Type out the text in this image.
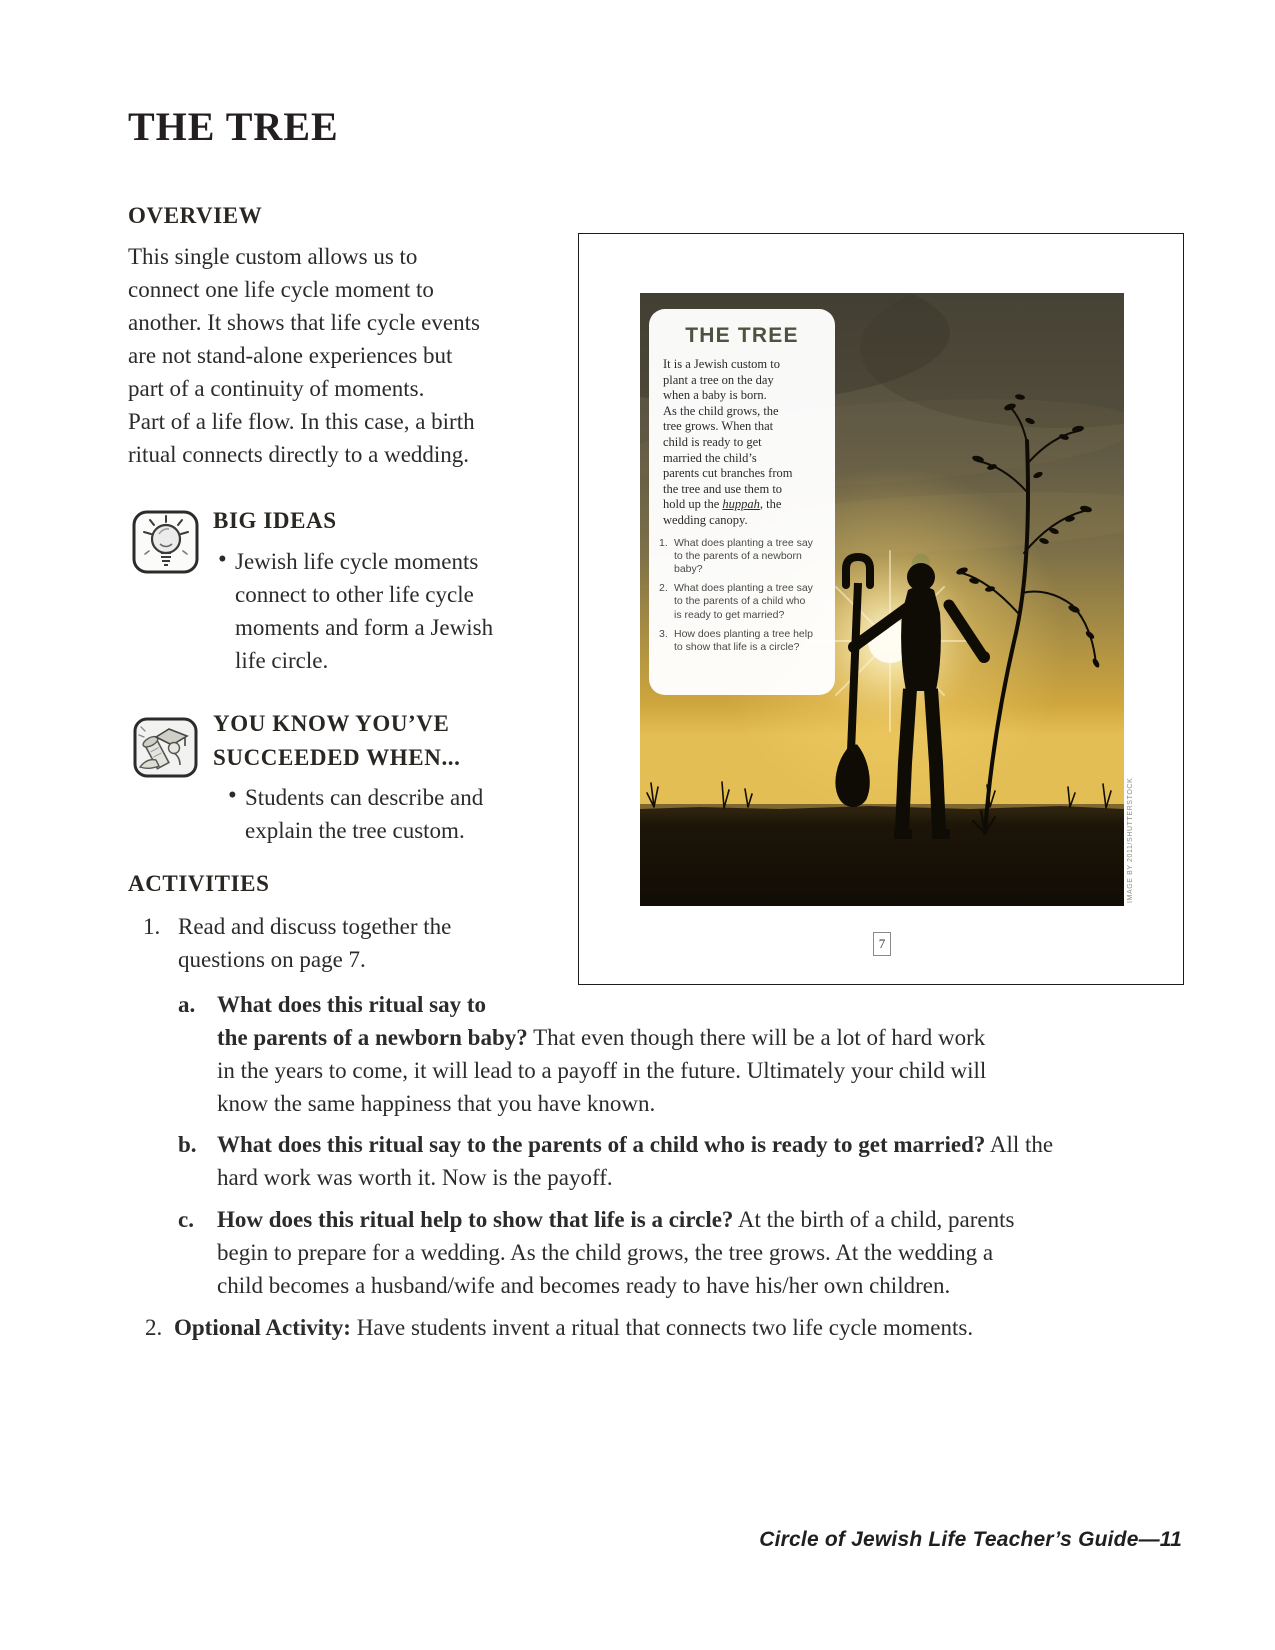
THE TREE
OVERVIEW
This single custom allows us to
connect one life cycle moment to
another. It shows that life cycle events
are not stand-alone experiences but
part of a continuity of moments.
Part of a life flow. In this case, a birth
ritual connects directly to a wedding.
BIG IDEAS
• Jewish life cycle moments
connect to other life cycle
moments and form a Jewish
life circle.
YOU KNOW YOU’VE
SUCCEEDED WHEN...
• Students can describe and
explain the tree custom.
ACTIVITIES
1. Read and discuss together the
questions on page 7.
a. What does this ritual say to
the parents of a newborn baby? That even though there will be a lot of hard work
in the years to come, it will lead to a payoff in the future. Ultimately your child will
know the same happiness that you have known.
b. What does this ritual say to the parents of a child who is ready to get married? All the
hard work was worth it. Now is the payoff.
c. How does this ritual help to show that life is a circle? At the birth of a child, parents
begin to prepare for a wedding. As the child grows, the tree grows. At the wedding a
child becomes a husband/wife and becomes ready to have his/her own children.
2. Optional Activity: Have students invent a ritual that connects two life cycle moments.
THE TREE
It is a Jewish custom to
plant a tree on the day
when a baby is born.
As the child grows, the
tree grows. When that
child is ready to get
married the child’s
parents cut branches from
the tree and use them to
hold up the huppah, the
wedding canopy.
1. What does planting a tree say to the parents of a newborn baby?
2. What does planting a tree say to the parents of a child who is ready to get married?
3. How does planting a tree help to show that life is a circle?
IMAGE BY 2011/SHUTTERSTOCK
7
Circle of Jewish Life Teacher’s Guide—11
